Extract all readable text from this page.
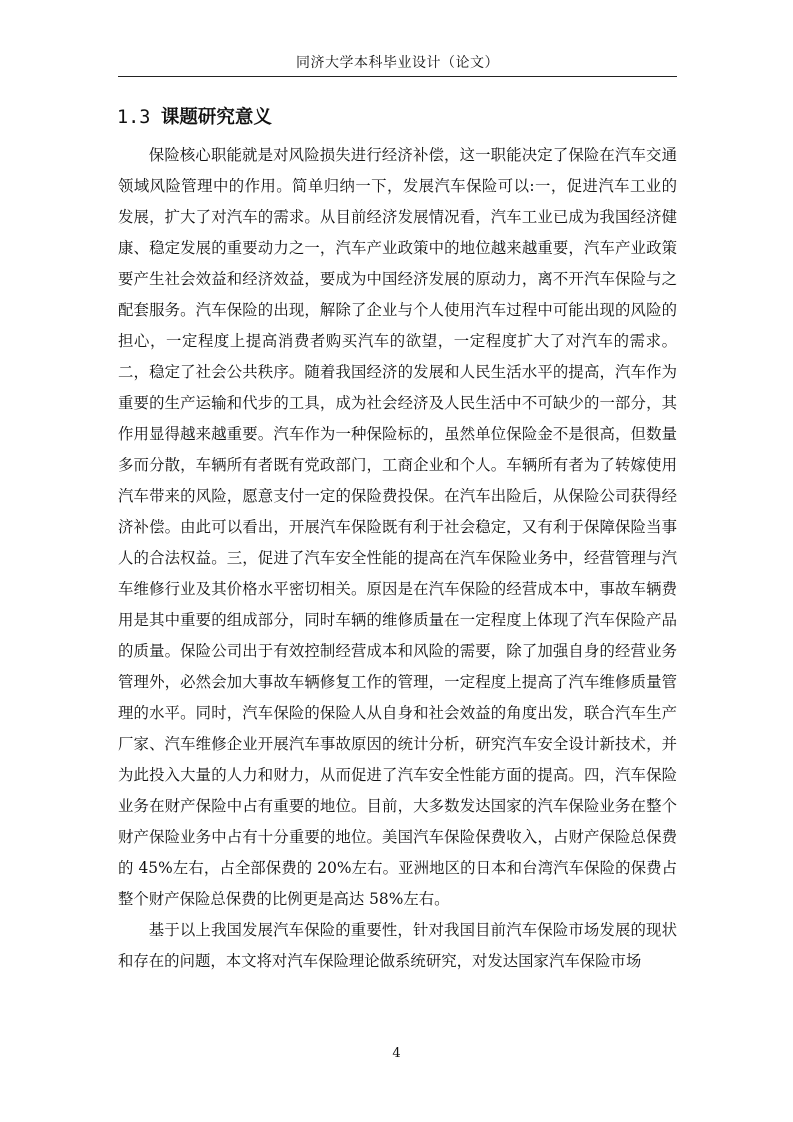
同济大学本科毕业设计（论文）
1.3 课题研究意义

保险核心职能就是对风险损失进行经济补偿，这一职能决定了保险在汽车交通领域风险管理中的作用。简单归纳一下，发展汽车保险可以:一，促进汽车工业的发展，扩大了对汽车的需求。从目前经济发展情况看，汽车工业已成为我国经济健康、稳定发展的重要动力之一，汽车产业政策中的地位越来越重要，汽车产业政策要产生社会效益和经济效益，要成为中国经济发展的原动力，离不开汽车保险与之配套服务。汽车保险的出现，解除了企业与个人使用汽车过程中可能出现的风险的担心，一定程度上提高消费者购买汽车的欲望，一定程度扩大了对汽车的需求。二，稳定了社会公共秩序。随着我国经济的发展和人民生活水平的提高，汽车作为重要的生产运输和代步的工具，成为社会经济及人民生活中不可缺少的一部分，其作用显得越来越重要。汽车作为一种保险标的，虽然单位保险金不是很高，但数量多而分散，车辆所有者既有党政部门，工商企业和个人。车辆所有者为了转嫁使用汽车带来的风险，愿意支付一定的保险费投保。在汽车出险后，从保险公司获得经济补偿。由此可以看出，开展汽车保险既有利于社会稳定，又有利于保障保险当事人的合法权益。三，促进了汽车安全性能的提高在汽车保险业务中，经营管理与汽车维修行业及其价格水平密切相关。原因是在汽车保险的经营成本中，事故车辆费用是其中重要的组成部分，同时车辆的维修质量在一定程度上体现了汽车保险产品的质量。保险公司出于有效控制经营成本和风险的需要，除了加强自身的经营业务管理外，必然会加大事故车辆修复工作的管理，一定程度上提高了汽车维修质量管理的水平。同时，汽车保险的保险人从自身和社会效益的角度出发，联合汽车生产厂家、汽车维修企业开展汽车事故原因的统计分析，研究汽车安全设计新技术，并为此投入大量的人力和财力，从而促进了汽车安全性能方面的提高。四，汽车保险业务在财产保险中占有重要的地位。目前，大多数发达国家的汽车保险业务在整个财产保险业务中占有十分重要的地位。美国汽车保险保费收入，占财产保险总保费的 45%左右，占全部保费的 20%左右。亚洲地区的日本和台湾汽车保险的保费占整个财产保险总保费的比例更是高达 58%左右。

基于以上我国发展汽车保险的重要性，针对我国目前汽车保险市场发展的现状和存在的问题，本文将对汽车保险理论做系统研究，对发达国家汽车保险市场

4
